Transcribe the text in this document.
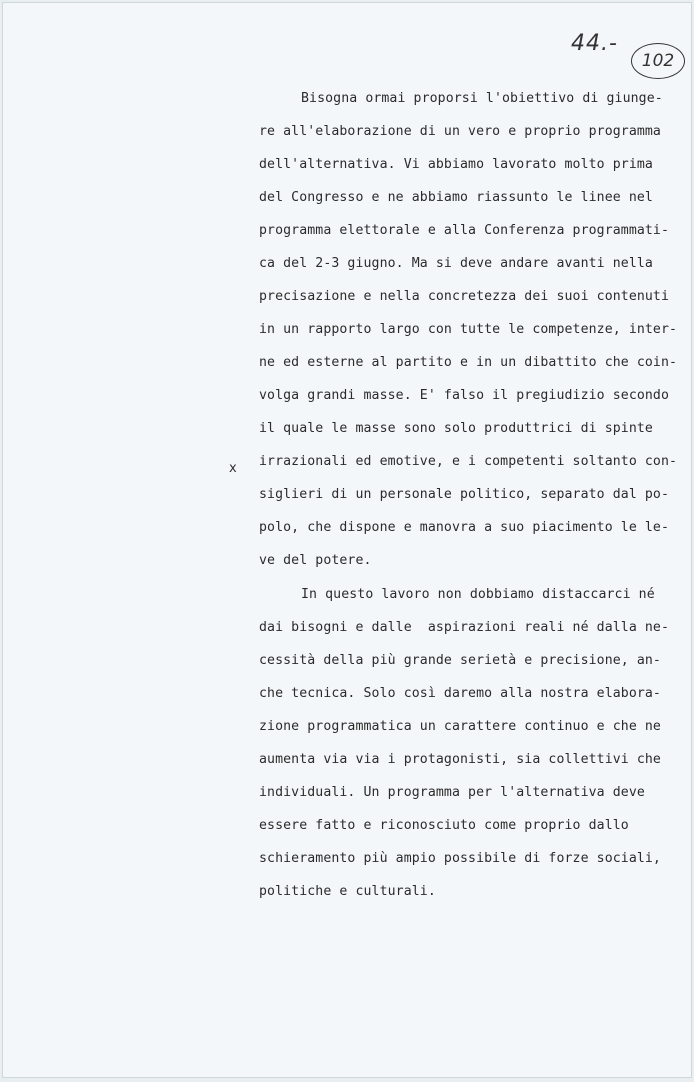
44.-
102
x
Bisogna ormai proporsi l'obiettivo di giunge-
re all'elaborazione di un vero e proprio programma
dell'alternativa. Vi abbiamo lavorato molto prima
del Congresso e ne abbiamo riassunto le linee nel
programma elettorale e alla Conferenza programmati-
ca del 2-3 giugno. Ma si deve andare avanti nella
precisazione e nella concretezza dei suoi contenuti
in un rapporto largo con tutte le competenze, inter-
ne ed esterne al partito e in un dibattito che coin-
volga grandi masse. E' falso il pregiudizio secondo
il quale le masse sono solo produttrici di spinte
irrazionali ed emotive, e i competenti soltanto con-
siglieri di un personale politico, separato dal po-
polo, che dispone e manovra a suo piacimento le le-
ve del potere.
In questo lavoro non dobbiamo distaccarci né
dai bisogni e dalle  aspirazioni reali né dalla ne-
cessità della più grande serietà e precisione, an-
che tecnica. Solo così daremo alla nostra elabora-
zione programmatica un carattere continuo e che ne
aumenta via via i protagonisti, sia collettivi che
individuali. Un programma per l'alternativa deve
essere fatto e riconosciuto come proprio dallo
schieramento più ampio possibile di forze sociali,
politiche e culturali.
